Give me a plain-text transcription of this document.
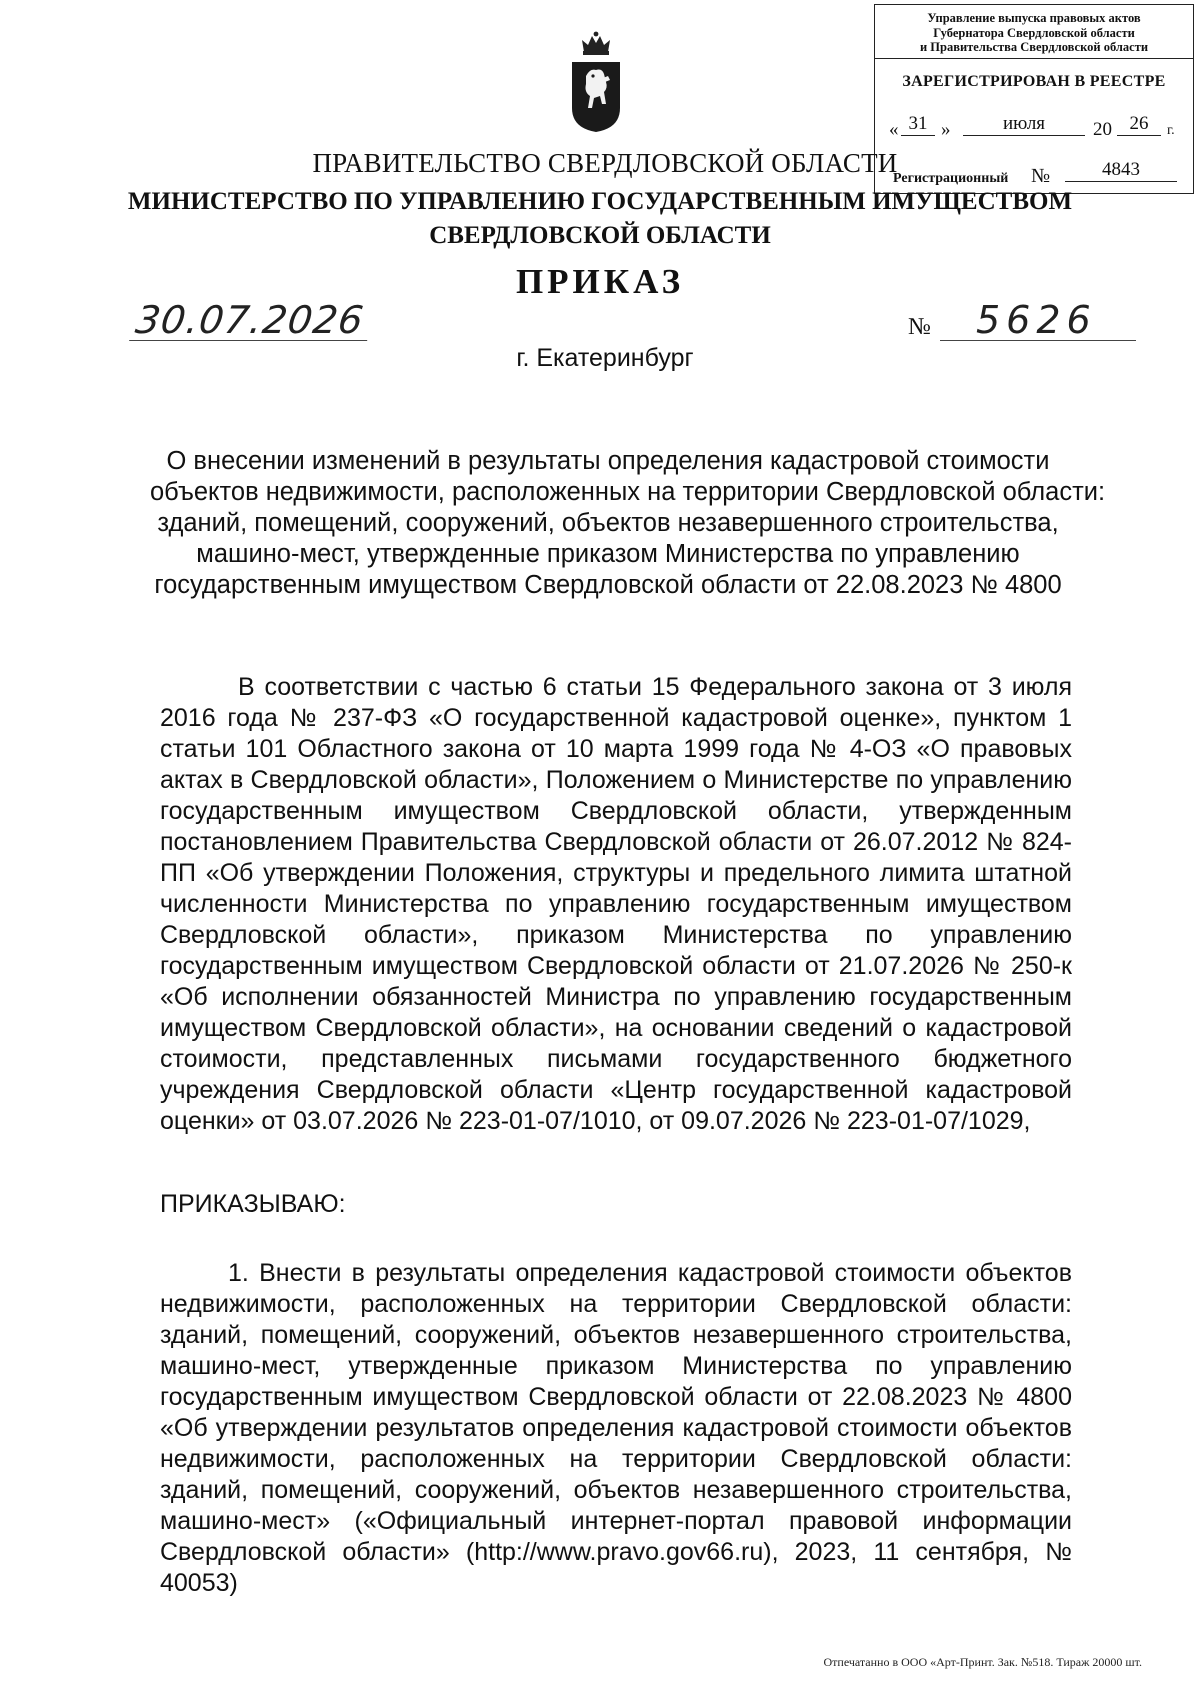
Управление выпуска правовых актов
Губернатора Свердловской области
и Правительства Свердловской области
ЗАРЕГИСТРИРОВАН В РЕЕСТРЕ
« 31 »	июля	20 26	г.
Регистрационный №	4843
ПРАВИТЕЛЬСТВО СВЕРДЛОВСКОЙ ОБЛАСТИ
МИНИСТЕРСТВО ПО УПРАВЛЕНИЮ ГОСУДАРСТВЕННЫМ ИМУЩЕСТВОМ
СВЕРДЛОВСКОЙ ОБЛАСТИ
ПРИКАЗ
30.07.2026	№	5626
г. Екатеринбург
О внесении изменений в результаты определения кадастровой стоимости
объектов недвижимости, расположенных на территории Свердловской области:
зданий, помещений, сооружений, объектов незавершенного строительства,
машино-мест, утвержденные приказом Министерства по управлению
государственным имуществом Свердловской области от 22.08.2023 № 4800
В соответствии с частью 6 статьи 15 Федерального закона от 3 июля 2016 года № 237-ФЗ «О государственной кадастровой оценке», пунктом 1 статьи 101 Областного закона от 10 марта 1999 года № 4-ОЗ «О правовых актах в Свердловской области», Положением о Министерстве по управлению государственным имуществом Свердловской области, утвержденным постановлением Правительства Свердловской области от 26.07.2012 № 824-ПП «Об утверждении Положения, структуры и предельного лимита штатной численности Министерства по управлению государственным имуществом Свердловской области», приказом Министерства по управлению государственным имуществом Свердловской области от 21.07.2026 № 250-к «Об исполнении обязанностей Министра по управлению государственным имуществом Свердловской области», на основании сведений о кадастровой стоимости, представленных письмами государственного бюджетного учреждения Свердловской области «Центр государственной кадастровой оценки» от 03.07.2026 № 223-01-07/1010, от 09.07.2026 № 223-01-07/1029,
ПРИКАЗЫВАЮ:
1. Внести в результаты определения кадастровой стоимости объектов недвижимости, расположенных на территории Свердловской области: зданий, помещений, сооружений, объектов незавершенного строительства, машино-мест, утвержденные приказом Министерства по управлению государственным имуществом Свердловской области от 22.08.2023 № 4800 «Об утверждении результатов определения кадастровой стоимости объектов недвижимости, расположенных на территории Свердловской области: зданий, помещений, сооружений, объектов незавершенного строительства, машино-мест» («Официальный интернет-портал правовой информации Свердловской области» (http://www.pravo.gov66.ru), 2023, 11 сентября, № 40053)
Отпечатанно в ООО «Арт-Принт. Зак. №518. Тираж 20000 шт.
